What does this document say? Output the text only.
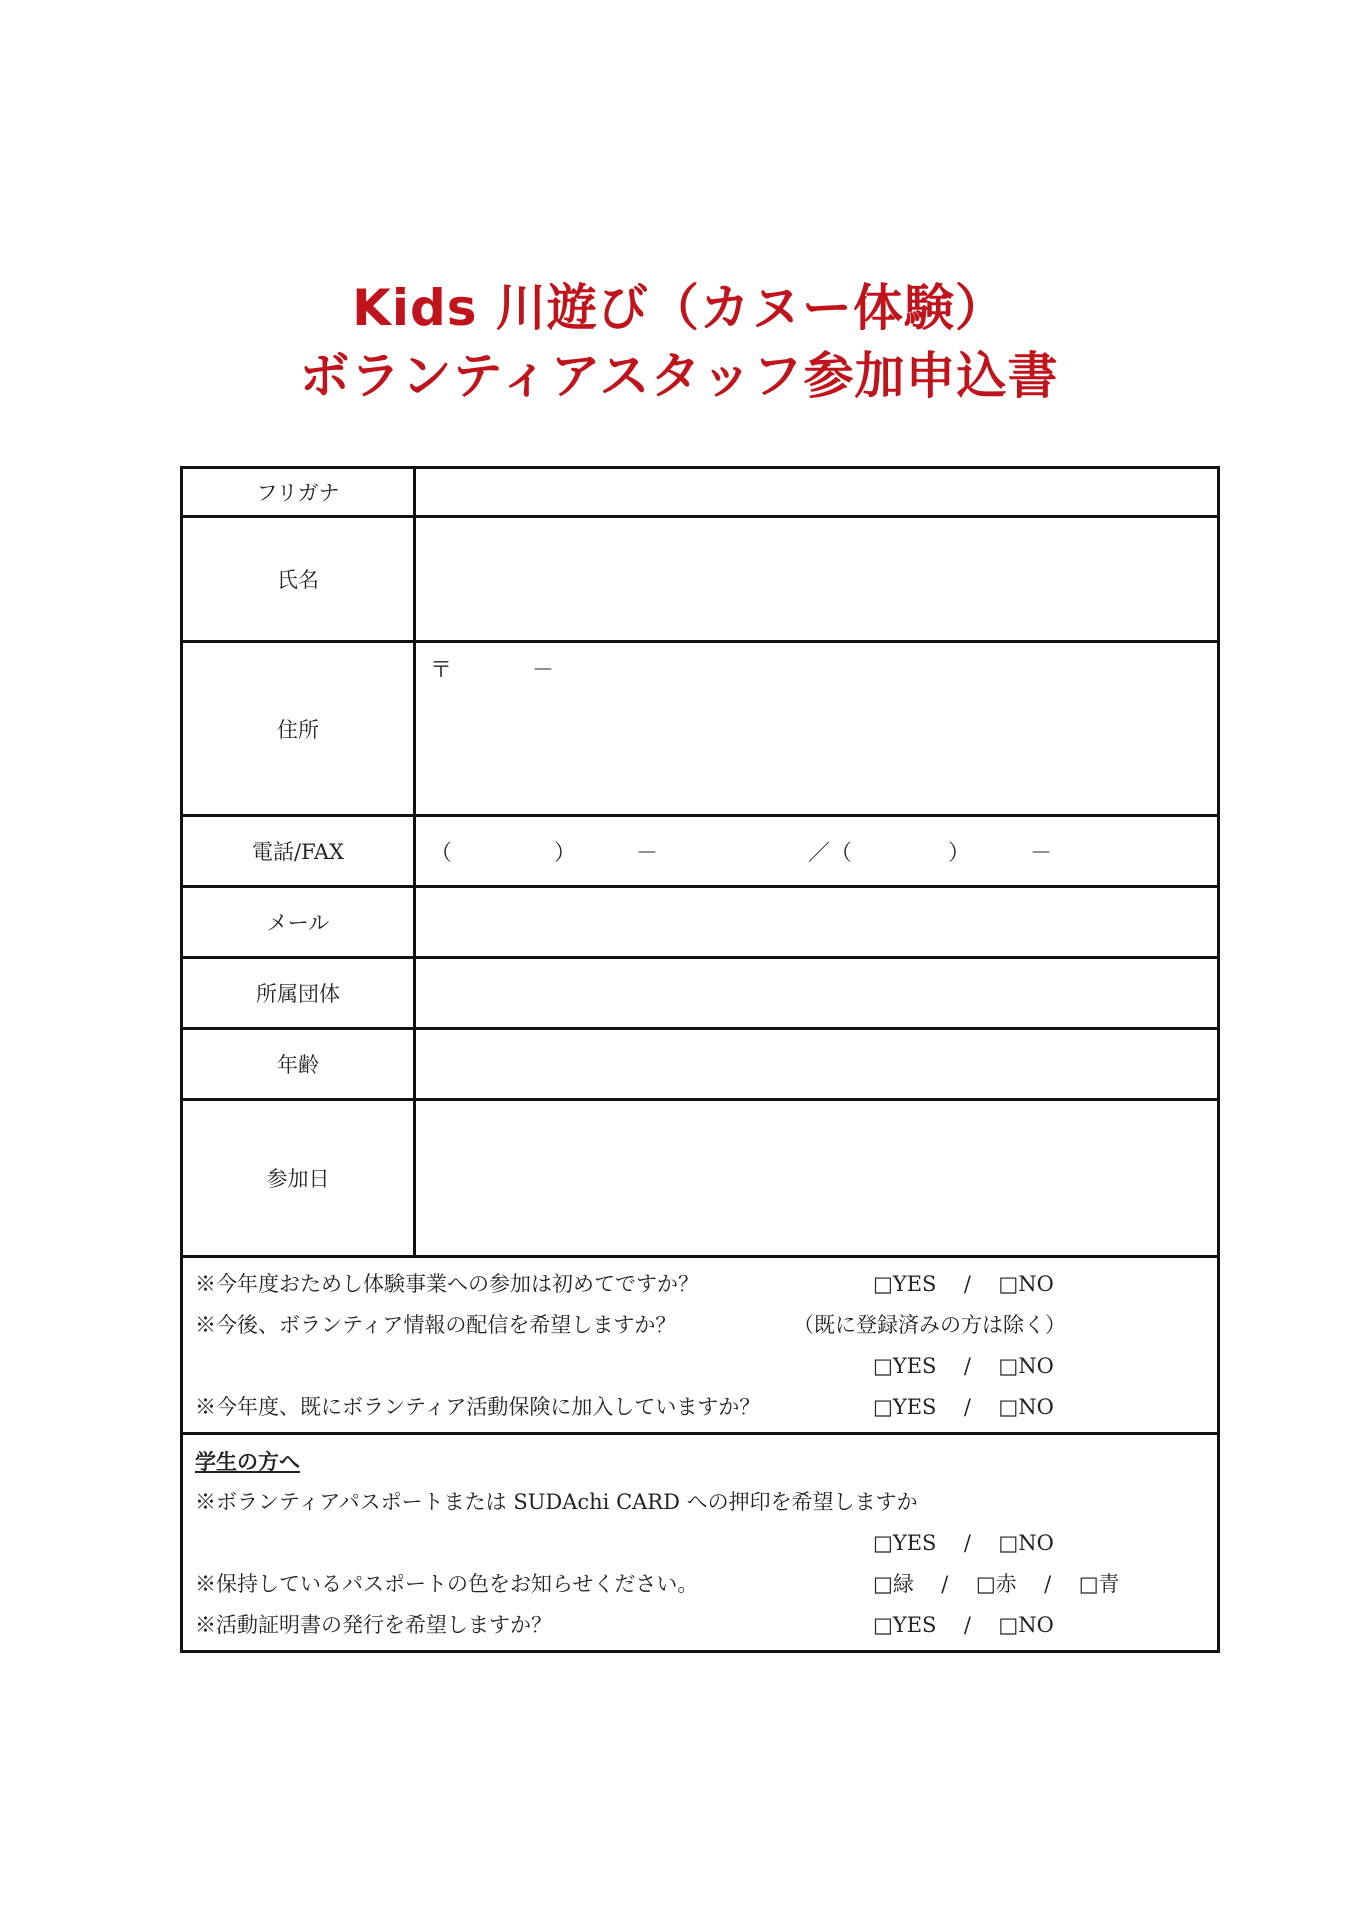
Kids 川遊び（カヌー体験）
ボランティアスタッフ参加申込書
フリガナ
氏名
住所
〒	－
電話/FAX	（	）	－	／（	）	－
メール
所属団体
年齢
参加日
※今年度おためし体験事業への参加は初めてですか？	□YES / □NO
※今後、ボランティア情報の配信を希望しますか？	（既に登録済みの方は除く）
□YES / □NO
※今年度、既にボランティア活動保険に加入していますか？	□YES / □NO
学生の方へ
※ボランティアパスポートまたは SUDAchi CARD への押印を希望しますか
□YES / □NO
※保持しているパスポートの色をお知らせください。	□緑 / □赤 / □青
※活動証明書の発行を希望しますか？	□YES / □NO
